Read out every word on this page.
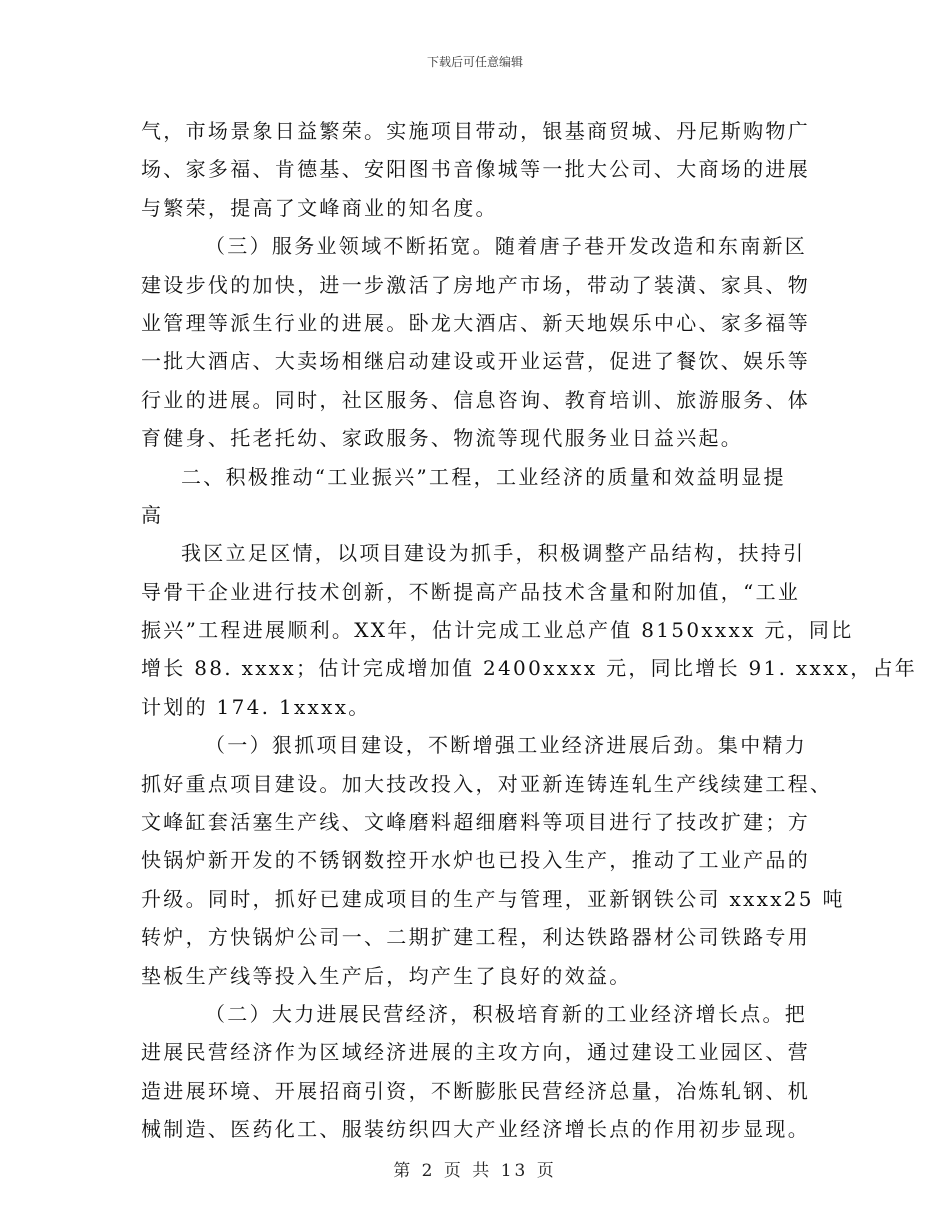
下载后可任意编辑
气，市场景象日益繁荣。实施项目带动，银基商贸城、丹尼斯购物广
场、家多福、肯德基、安阳图书音像城等一批大公司、大商场的进展
与繁荣，提高了文峰商业的知名度。
（三）服务业领域不断拓宽。随着唐子巷开发改造和东南新区
建设步伐的加快，进一步激活了房地产市场，带动了装潢、家具、物
业管理等派生行业的进展。卧龙大酒店、新天地娱乐中心、家多福等
一批大酒店、大卖场相继启动建设或开业运营，促进了餐饮、娱乐等
行业的进展。同时，社区服务、信息咨询、教育培训、旅游服务、体
育健身、托老托幼、家政服务、物流等现代服务业日益兴起。
二、积极推动“工业振兴”工程，工业经济的质量和效益明显提
高
我区立足区情，以项目建设为抓手，积极调整产品结构，扶持引
导骨干企业进行技术创新，不断提高产品技术含量和附加值，“工业
振兴”工程进展顺利。XX年，估计完成工业总产值 8150xxxx 元，同比
增长 88. xxxx；估计完成增加值 2400xxxx 元，同比增长 91. xxxx，占年
计划的 174. 1xxxx。
（一）狠抓项目建设，不断增强工业经济进展后劲。集中精力
抓好重点项目建设。加大技改投入，对亚新连铸连轧生产线续建工程、
文峰缸套活塞生产线、文峰磨料超细磨料等项目进行了技改扩建；方
快锅炉新开发的不锈钢数控开水炉也已投入生产，推动了工业产品的
升级。同时，抓好已建成项目的生产与管理，亚新钢铁公司 xxxx25 吨
转炉，方快锅炉公司一、二期扩建工程，利达铁路器材公司铁路专用
垫板生产线等投入生产后，均产生了良好的效益。
（二）大力进展民营经济，积极培育新的工业经济增长点。把
进展民营经济作为区域经济进展的主攻方向，通过建设工业园区、营
造进展环境、开展招商引资，不断膨胀民营经济总量，冶炼轧钢、机
械制造、医药化工、服装纺织四大产业经济增长点的作用初步显现。
第 2 页 共 13 页
